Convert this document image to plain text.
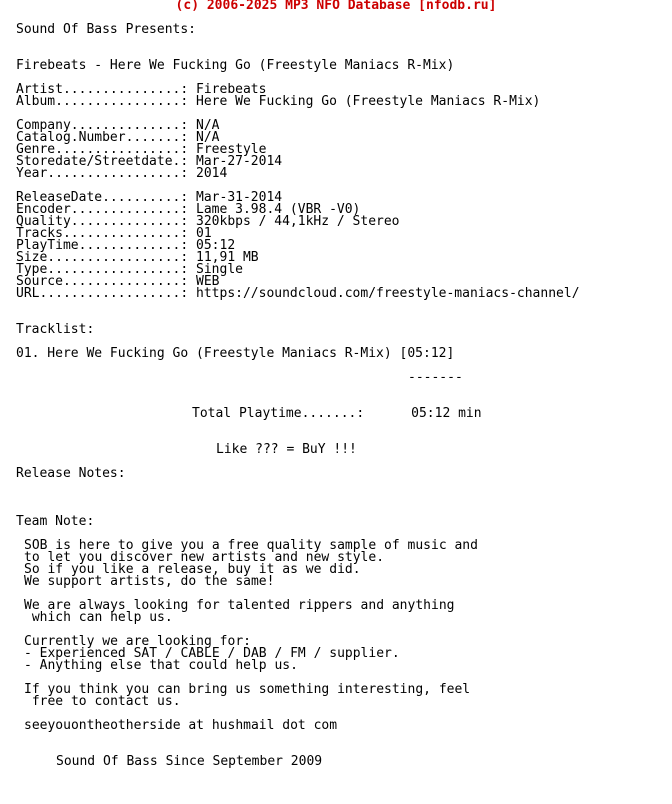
(c) 2006-2025 MP3 NFO Database [nfodb.ru]
Sound Of Bass Presents:
Firebeats - Here We Fucking Go (Freestyle Maniacs R-Mix)
Artist...............: Firebeats
Album................: Here We Fucking Go (Freestyle Maniacs R-Mix)
Company..............: N/A
Catalog.Number.......: N/A
Genre................: Freestyle
Storedate/Streetdate.: Mar-27-2014
Year.................: 2014
ReleaseDate..........: Mar-31-2014
Encoder..............: Lame 3.98.4 (VBR -V0)
Quality..............: 320kbps / 44,1kHz / Stereo
Tracks...............: 01
PlayTime.............: 05:12
Size.................: 11,91 MB
Type.................: Single
Source...............: WEB
URL..................: https://soundcloud.com/freestyle-maniacs-channel/
Tracklist:
01. Here We Fucking Go (Freestyle Maniacs R-Mix) [05:12]
-------
Total Playtime.......:      05:12 min
Like ??? = BuY !!!
Release Notes:
Team Note:
SOB is here to give you a free quality sample of music and
to let you discover new artists and new style.
So if you like a release, buy it as we did.
We support artists, do the same!
We are always looking for talented rippers and anything
which can help us.
Currently we are looking for:
- Experienced SAT / CABLE / DAB / FM / supplier.
- Anything else that could help us.
If you think you can bring us something interesting, feel
free to contact us.
seeyouontheotherside at hushmail dot com
Sound Of Bass Since September 2009
